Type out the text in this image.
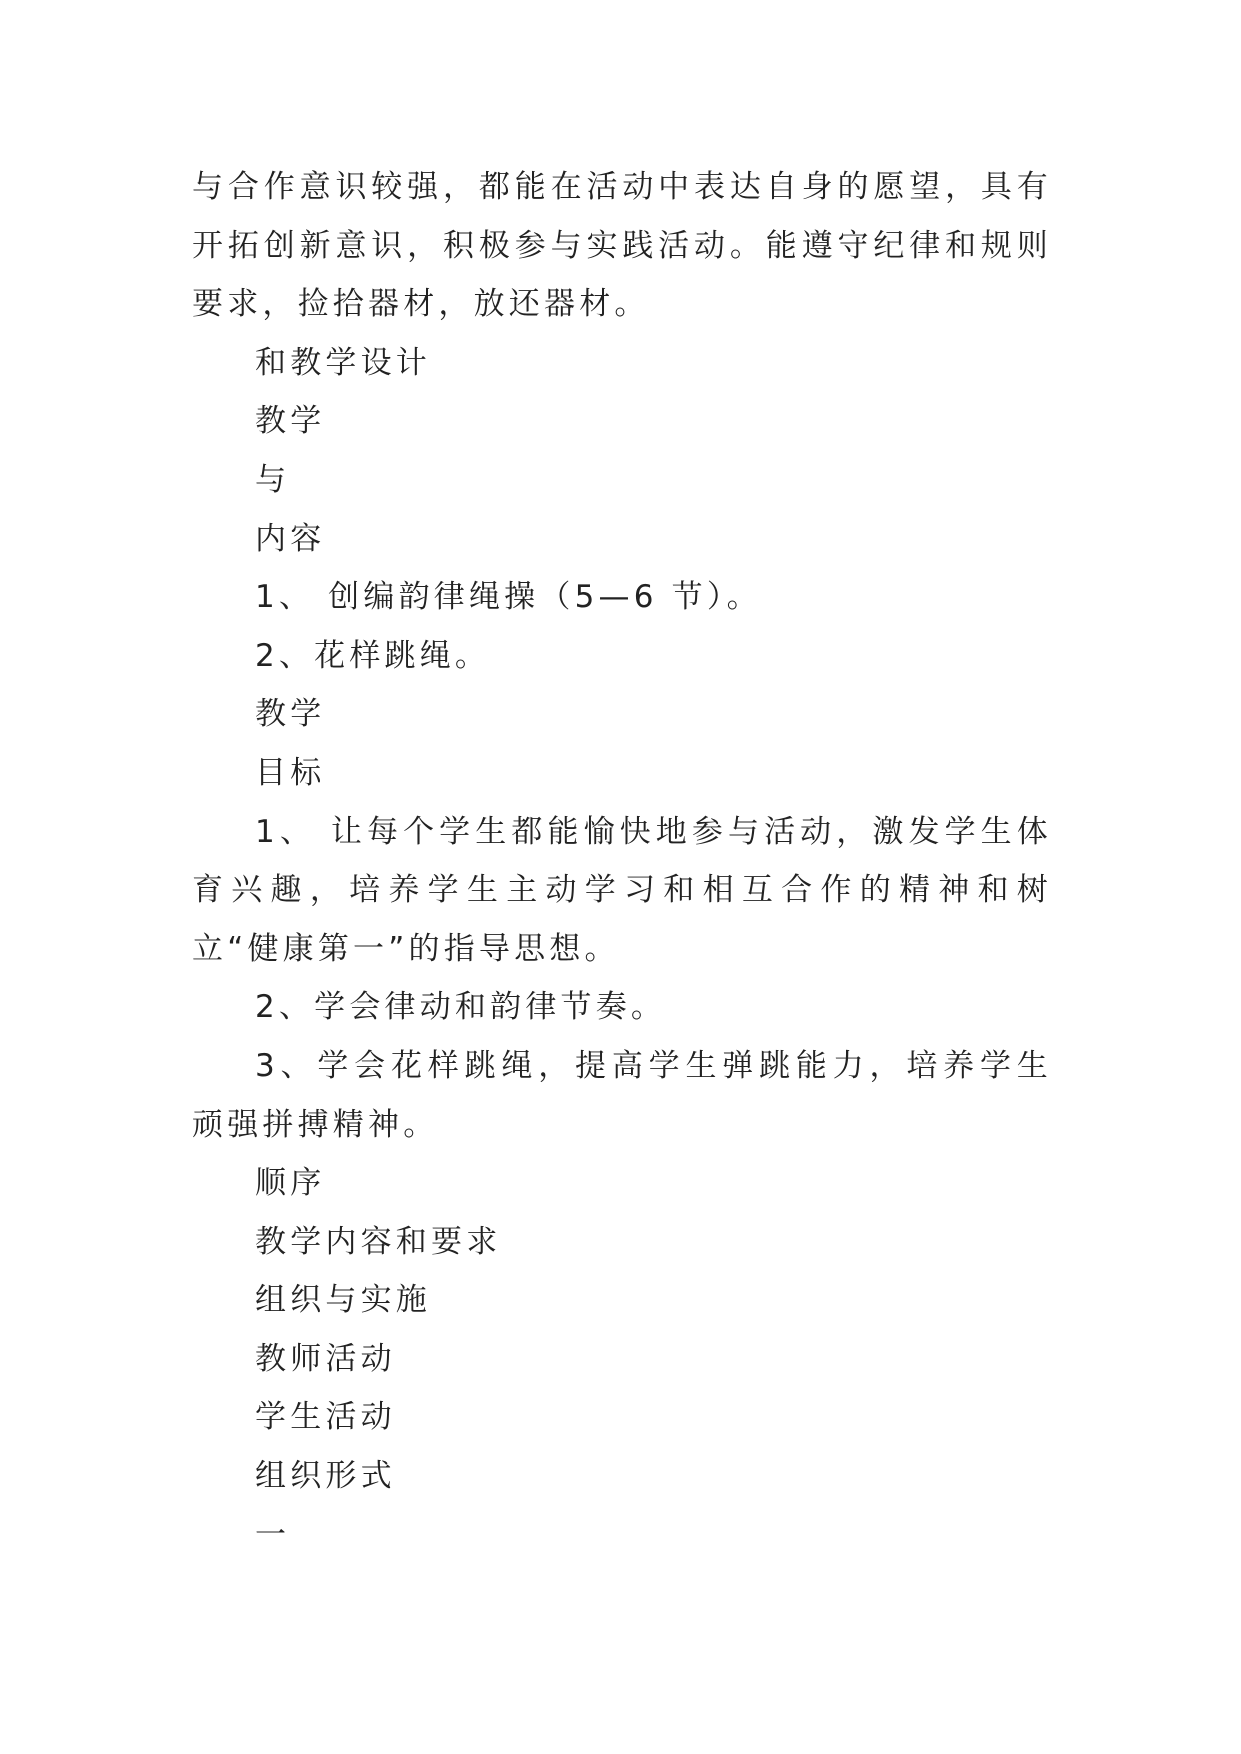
与合作意识较强，都能在活动中表达自身的愿望，具有开拓创新意识，积极参与实践活动。能遵守纪律和规则要求，捡拾器材，放还器材。

和教学设计

教学

与

内容

1、 创编韵律绳操（5—6 节）。

2、花样跳绳。

教学

目标

1、 让每个学生都能愉快地参与活动，激发学生体育兴趣，培养学生主动学习和相互合作的精神和树立“健康第一”的指导思想。

2、学会律动和韵律节奏。

3、学会花样跳绳，提高学生弹跳能力，培养学生顽强拼搏精神。

顺序

教学内容和要求

组织与实施

教师活动

学生活动

组织形式

一
